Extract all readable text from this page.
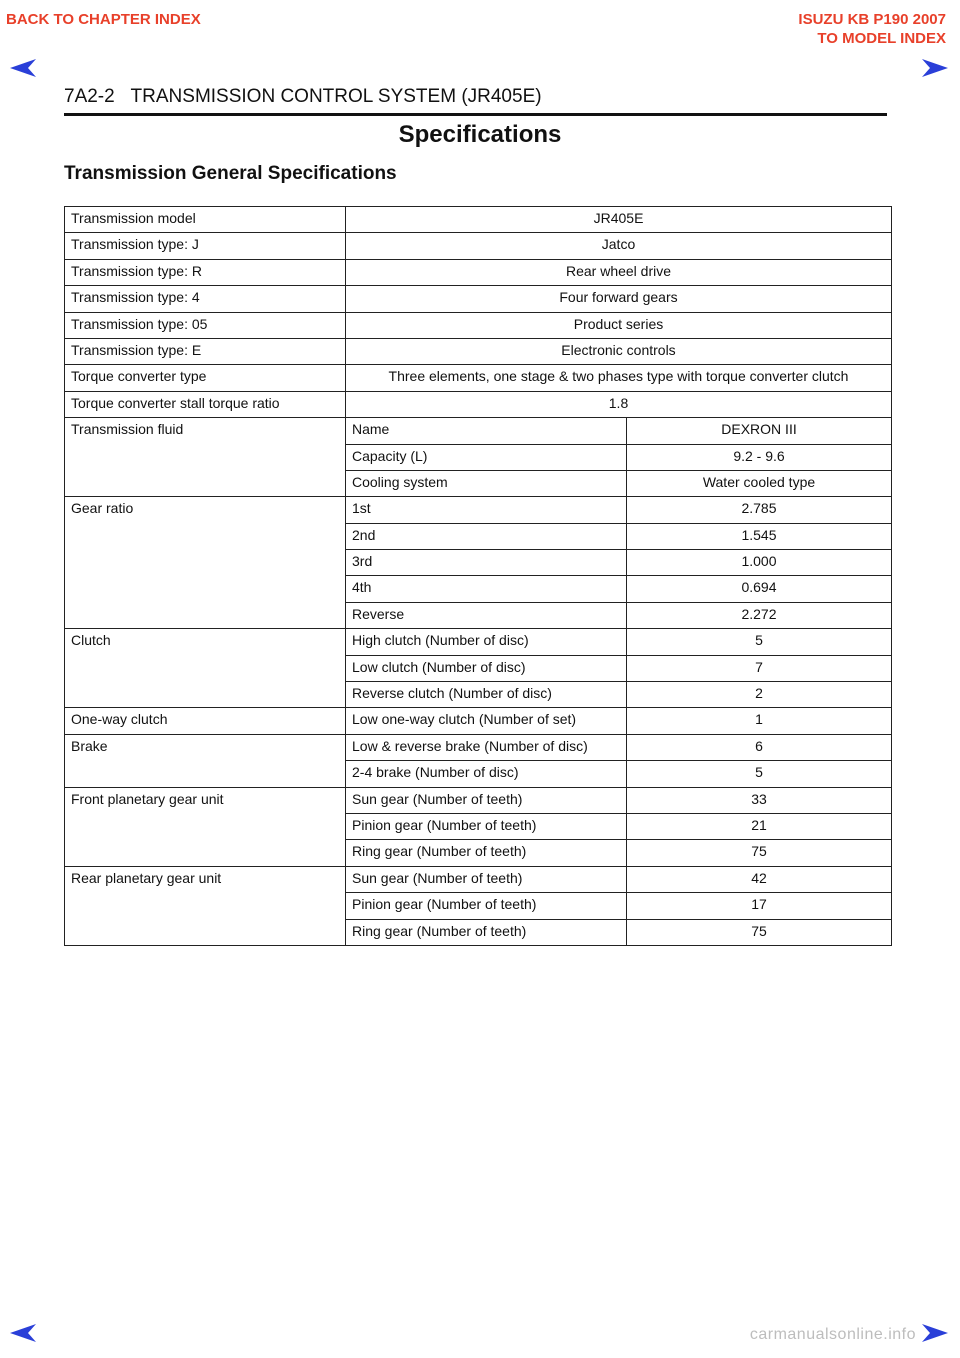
BACK TO CHAPTER INDEX	ISUZU KB P190 2007
TO MODEL INDEX
7A2-2 TRANSMISSION CONTROL SYSTEM (JR405E)
Specifications
Transmission General Specifications
Transmission model	JR405E	
Transmission type: J	Jatco	
Transmission type: R	Rear wheel drive	
Transmission type: 4	Four forward gears	
Transmission type: 05	Product series	
Transmission type: E	Electronic controls	
Torque converter type	Three elements, one stage & two phases type with torque converter clutch	
Torque converter stall torque ratio	1.8	
Transmission fluid	Name	DEXRON III
	Capacity (L)	9.2 - 9.6
	Cooling system	Water cooled type
Gear ratio	1st	2.785
	2nd	1.545
	3rd	1.000
	4th	0.694
	Reverse	2.272
Clutch	High clutch (Number of disc)	5
	Low clutch (Number of disc)	7
	Reverse clutch (Number of disc)	2
One-way clutch	Low one-way clutch (Number of set)	1
Brake	Low & reverse brake (Number of disc)	6
	2-4 brake (Number of disc)	5
Front planetary gear unit	Sun gear (Number of teeth)	33
	Pinion gear (Number of teeth)	21
	Ring gear (Number of teeth)	75
Rear planetary gear unit	Sun gear (Number of teeth)	42
	Pinion gear (Number of teeth)	17
	Ring gear (Number of teeth)	75
carmanualsonline.info
